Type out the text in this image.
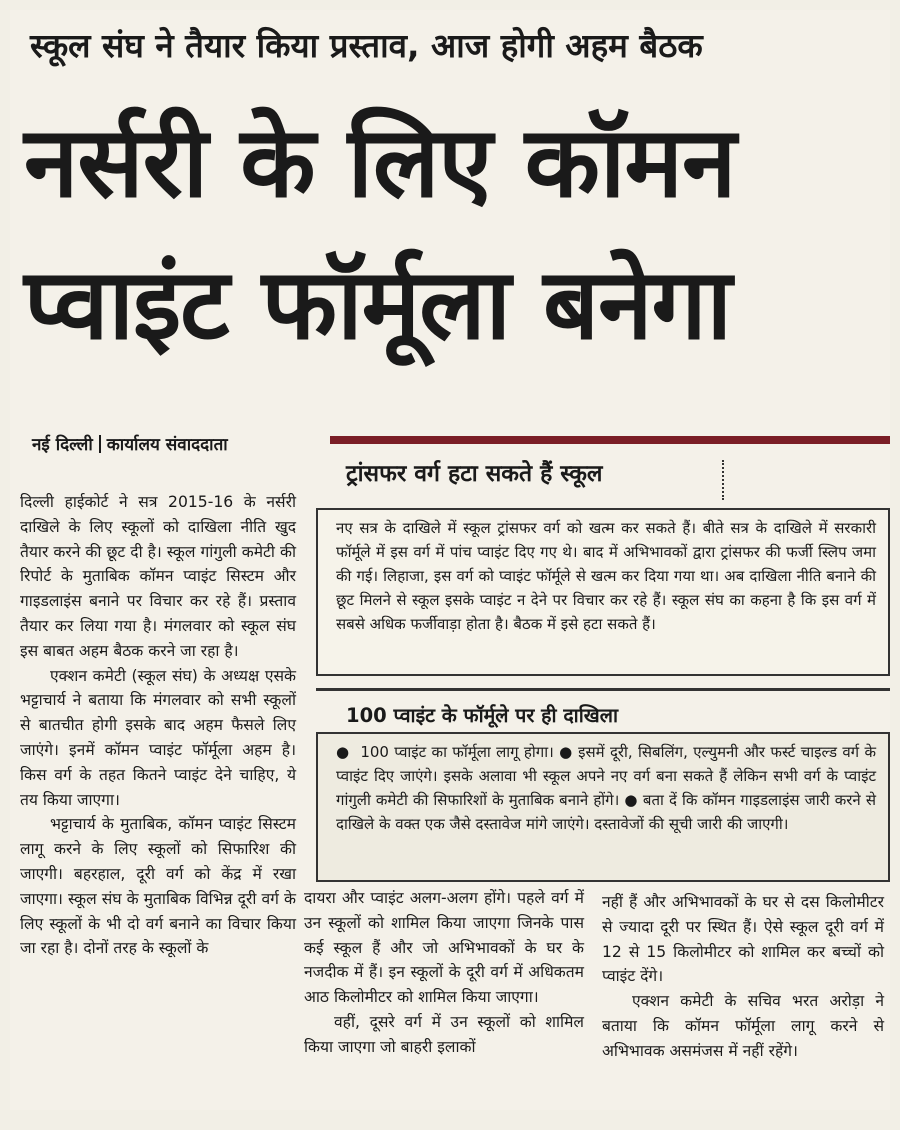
स्कूल संघ ने तैयार किया प्रस्ताव, आज होगी अहम बैठक
नर्सरी के लिए कॉमन
प्वाइंट फॉर्मूला बनेगा
नई दिल्ली कार्यालय संवाददाता

दिल्ली हाईकोर्ट ने सत्र 2015-16 के नर्सरी दाखिले के लिए स्कूलों को दाखिला नीति खुद तैयार करने की छूट दी है। स्कूल गांगुली कमेटी की रिपोर्ट के मुताबिक कॉमन प्वाइंट सिस्टम और गाइडलाइंस बनाने पर विचार कर रहे हैं। प्रस्ताव तैयार कर लिया गया है। मंगलवार को स्कूल संघ इस बाबत अहम बैठक करने जा रहा है।

एक्शन कमेटी (स्कूल संघ) के अध्यक्ष एसके भट्टाचार्य ने बताया कि मंगलवार को सभी स्कूलों से बातचीत होगी इसके बाद अहम फैसले लिए जाएंगे। इनमें कॉमन प्वाइंट फॉर्मूला अहम है। किस वर्ग के तहत कितने प्वाइंट देने चाहिए, ये तय किया जाएगा।

भट्टाचार्य के मुताबिक, कॉमन प्वाइंट सिस्टम लागू करने के लिए स्कूलों को सिफारिश की जाएगी। बहरहाल, दूरी वर्ग को केंद्र में रखा जाएगा। स्कूल संघ के मुताबिक विभिन्न दूरी वर्ग के लिए स्कूलों के भी दो वर्ग बनाने का विचार किया जा रहा है। दोनों तरह के स्कूलों के

ट्रांसफर वर्ग हटा सकते हैं स्कूल
नए सत्र के दाखिले में स्कूल ट्रांसफर वर्ग को खत्म कर सकते हैं। बीते सत्र के दाखिले में सरकारी फॉर्मूले में इस वर्ग में पांच प्वाइंट दिए गए थे। बाद में अभिभावकों द्वारा ट्रांसफर की फर्जी स्लिप जमा की गई। लिहाजा, इस वर्ग को प्वाइंट फॉर्मूले से खत्म कर दिया गया था। अब दाखिला नीति बनाने की छूट मिलने से स्कूल इसके प्वाइंट न देने पर विचार कर रहे हैं। स्कूल संघ का कहना है कि इस वर्ग में सबसे अधिक फर्जीवाड़ा होता है। बैठक में इसे हटा सकते हैं।
100 प्वाइंट के फॉर्मूले पर ही दाखिला
● 100 प्वाइंट का फॉर्मूला लागू होगा। ● इसमें दूरी, सिबलिंग, एल्युमनी और फर्स्ट चाइल्ड वर्ग के प्वाइंट दिए जाएंगे। इसके अलावा भी स्कूल अपने नए वर्ग बना सकते हैं लेकिन सभी वर्ग के प्वाइंट गांगुली कमेटी की सिफारिशों के मुताबिक बनाने होंगे। ● बता दें कि कॉमन गाइडलाइंस जारी करने से दाखिले के वक्त एक जैसे दस्तावेज मांगे जाएंगे। दस्तावेजों की सूची जारी की जाएगी।

दायरा और प्वाइंट अलग-अलग होंगे। पहले वर्ग में उन स्कूलों को शामिल किया जाएगा जिनके पास कई स्कूल हैं और जो अभिभावकों के घर के नजदीक में हैं। इन स्कूलों के दूरी वर्ग में अधिकतम आठ किलोमीटर को शामिल किया जाएगा।

वहीं, दूसरे वर्ग में उन स्कूलों को शामिल किया जाएगा जो बाहरी इलाकों

नहीं हैं और अभिभावकों के घर से दस किलोमीटर से ज्यादा दूरी पर स्थित हैं। ऐसे स्कूल दूरी वर्ग में 12 से 15 किलोमीटर को शामिल कर बच्चों को प्वाइंट देंगे।

एक्शन कमेटी के सचिव भरत अरोड़ा ने बताया कि कॉमन फॉर्मूला लागू करने से अभिभावक असमंजस में नहीं रहेंगे।
